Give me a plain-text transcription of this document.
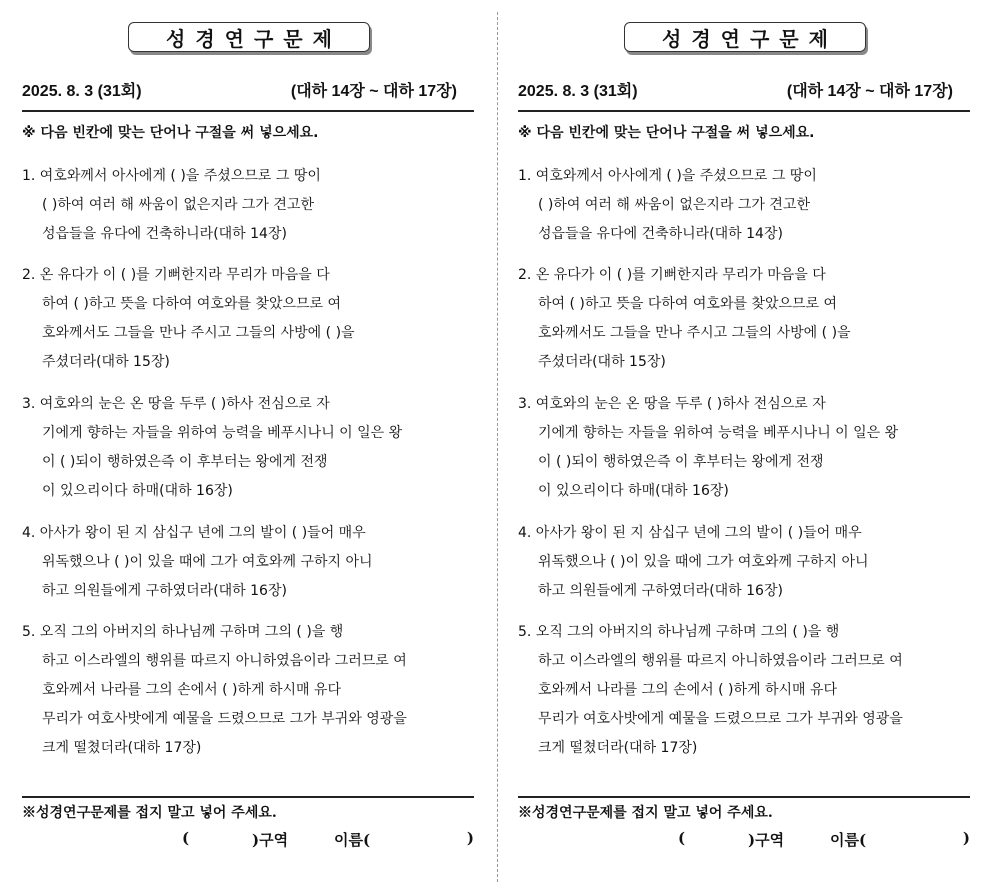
성경연구문제
2025. 8. 3 (31회)	(대하 14장 ~ 대하 17장)
※ 다음 빈칸에 맞는 단어나 구절을 써 넣으세요.
1. 여호와께서 아사에게 ( )을 주셨으므로 그 땅이
( )하여 여러 해 싸움이 없은지라 그가 견고한
성읍들을 유다에 건축하니라(대하 14장)
2. 온 유다가 이 ( )를 기뻐한지라 무리가 마음을 다
하여 ( )하고 뜻을 다하여 여호와를 찾았으므로 여
호와께서도 그들을 만나 주시고 그들의 사방에 ( )을
주셨더라(대하 15장)
3. 여호와의 눈은 온 땅을 두루 ( )하사 전심으로 자
기에게 향하는 자들을 위하여 능력을 베푸시나니 이 일은 왕
이 ( )되이 행하였은즉 이 후부터는 왕에게 전쟁
이 있으리이다 하매(대하 16장)
4. 아사가 왕이 된 지 삼십구 년에 그의 발이 ( )들어 매우
위독했으나 ( )이 있을 때에 그가 여호와께 구하지 아니
하고 의원들에게 구하였더라(대하 16장)
5. 오직 그의 아버지의 하나님께 구하며 그의 ( )을 행
하고 이스라엘의 행위를 따르지 아니하였음이라 그러므로 여
호와께서 나라를 그의 손에서 ( )하게 하시매 유다
무리가 여호사밧에게 예물을 드렸으므로 그가 부귀와 영광을
크게 떨쳤더라(대하 17장)
※성경연구문제를 접지 말고 넣어 주세요.
(	)구역	이름(	)
성경연구문제
2025. 8. 3 (31회)	(대하 14장 ~ 대하 17장)
※ 다음 빈칸에 맞는 단어나 구절을 써 넣으세요.
1. 여호와께서 아사에게 ( )을 주셨으므로 그 땅이
( )하여 여러 해 싸움이 없은지라 그가 견고한
성읍들을 유다에 건축하니라(대하 14장)
2. 온 유다가 이 ( )를 기뻐한지라 무리가 마음을 다
하여 ( )하고 뜻을 다하여 여호와를 찾았으므로 여
호와께서도 그들을 만나 주시고 그들의 사방에 ( )을
주셨더라(대하 15장)
3. 여호와의 눈은 온 땅을 두루 ( )하사 전심으로 자
기에게 향하는 자들을 위하여 능력을 베푸시나니 이 일은 왕
이 ( )되이 행하였은즉 이 후부터는 왕에게 전쟁
이 있으리이다 하매(대하 16장)
4. 아사가 왕이 된 지 삼십구 년에 그의 발이 ( )들어 매우
위독했으나 ( )이 있을 때에 그가 여호와께 구하지 아니
하고 의원들에게 구하였더라(대하 16장)
5. 오직 그의 아버지의 하나님께 구하며 그의 ( )을 행
하고 이스라엘의 행위를 따르지 아니하였음이라 그러므로 여
호와께서 나라를 그의 손에서 ( )하게 하시매 유다
무리가 여호사밧에게 예물을 드렸으므로 그가 부귀와 영광을
크게 떨쳤더라(대하 17장)
※성경연구문제를 접지 말고 넣어 주세요.
(	)구역	이름(	)
